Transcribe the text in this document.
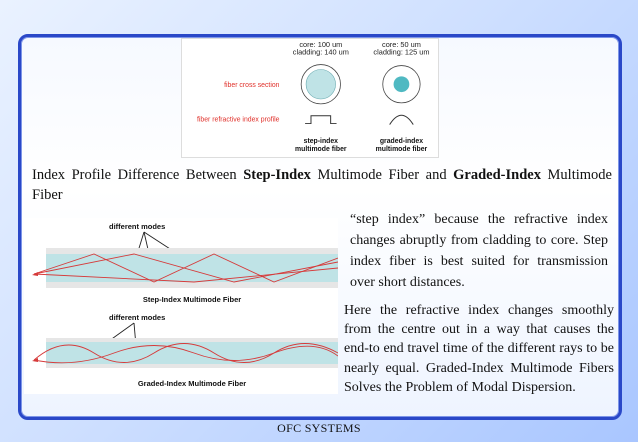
core: 100 um
cladding: 140 um
core: 50 um
cladding: 125 um
fiber cross section
fiber refractive index profile
step-index
multimode fiber
graded-index
multimode fiber
Index Profile Difference Between Step-Index Multimode Fiber and Graded-Index Multimode Fiber
different modes
Step-Index Multimode Fiber
different modes
Graded-Index Multimode Fiber
“step index” because the refractive index changes abruptly from cladding to core. Step index fiber is best suited for transmission over short distances.
Here the refractive index changes smoothly from the centre out in a way that causes the end-to end travel time of the different rays to be nearly equal. Graded-Index Multimode Fibers Solves the Problem of Modal Dispersion.
OFC SYSTEMS
